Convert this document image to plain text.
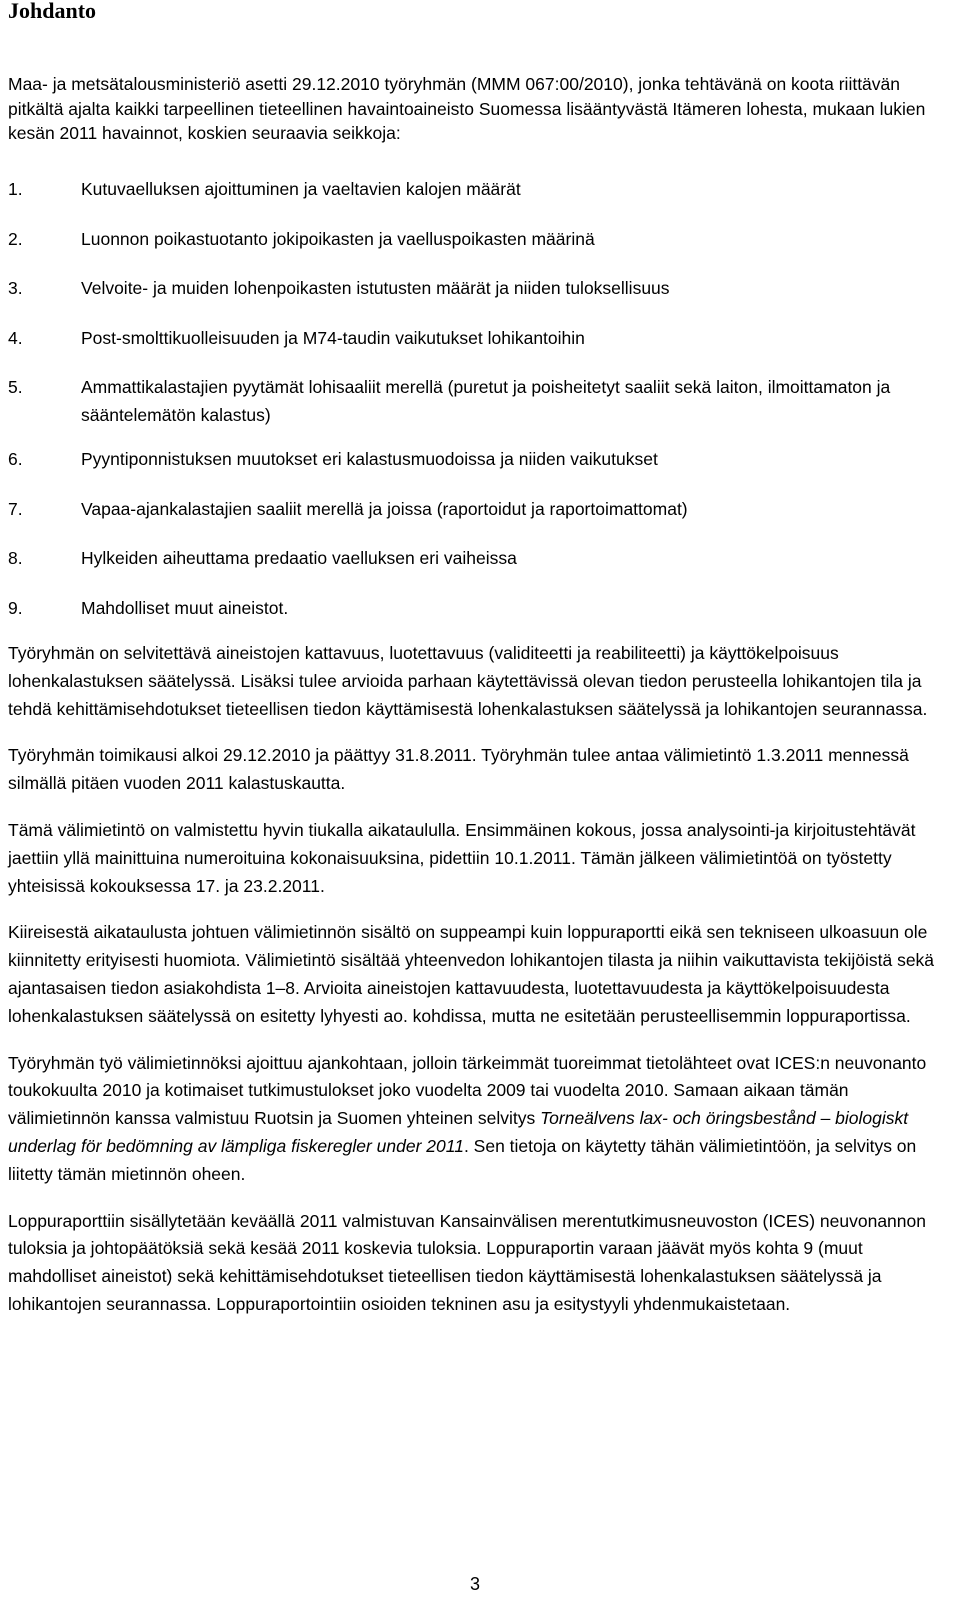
Johdanto

Maa- ja metsätalousministeriö asetti 29.12.2010 työryhmän (MMM 067:00/2010), jonka tehtävänä on koota riittävän pitkältä ajalta kaikki tarpeellinen tieteellinen havaintoaineisto Suomessa lisääntyvästä Itämeren lohesta, mukaan lukien kesän 2011 havainnot, koskien seuraavia seikkoja:

1.	Kutuvaelluksen ajoittuminen ja vaeltavien kalojen määrät
2.	Luonnon poikastuotanto jokipoikasten ja vaelluspoikasten määrinä
3.	Velvoite- ja muiden lohenpoikasten istutusten määrät ja niiden tuloksellisuus
4.	Post-smolttikuolleisuuden ja M74-taudin vaikutukset lohikantoihin
5.	Ammattikalastajien pyytämät lohisaaliit merellä (puretut ja poisheitetyt saaliit sekä laiton, ilmoittamaton ja sääntelemätön kalastus)
6.	Pyyntiponnistuksen muutokset eri kalastusmuodoissa ja niiden vaikutukset
7.	Vapaa-ajankalastajien saaliit merellä ja joissa (raportoidut ja raportoimattomat)
8.	Hylkeiden aiheuttama predaatio vaelluksen eri vaiheissa
9.	Mahdolliset muut aineistot.

Työryhmän on selvitettävä aineistojen kattavuus, luotettavuus (validiteetti ja reabiliteetti) ja käyttökelpoisuus lohenkalastuksen säätelyssä. Lisäksi tulee arvioida parhaan käytettävissä olevan tiedon perusteella lohikantojen tila ja tehdä kehittämisehdotukset tieteellisen tiedon käyttämisestä lohenkalastuksen säätelyssä ja lohikantojen seurannassa.

Työryhmän toimikausi alkoi 29.12.2010 ja päättyy 31.8.2011. Työryhmän tulee antaa välimietintö 1.3.2011 mennessä silmällä pitäen vuoden 2011 kalastuskautta.

Tämä välimietintö on valmistettu hyvin tiukalla aikataululla. Ensimmäinen kokous, jossa analysointi-ja kirjoitustehtävät jaettiin yllä mainittuina numeroituina kokonaisuuksina, pidettiin 10.1.2011. Tämän jälkeen välimietintöä on työstetty yhteisissä kokouksessa 17. ja 23.2.2011.

Kiireisestä aikataulusta johtuen välimietinnön sisältö on suppeampi kuin loppuraportti eikä sen tekniseen ulkoasuun ole kiinnitetty erityisesti huomiota. Välimietintö sisältää yhteenvedon lohikantojen tilasta ja niihin vaikuttavista tekijöistä sekä ajantasaisen tiedon asiakohdista 1–8. Arvioita aineistojen kattavuudesta, luotettavuudesta ja käyttökelpoisuudesta lohenkalastuksen säätelyssä on esitetty lyhyesti ao. kohdissa, mutta ne esitetään perusteellisemmin loppuraportissa.

Työryhmän työ välimietinnöksi ajoittuu ajankohtaan, jolloin tärkeimmät tuoreimmat tietolähteet ovat ICES:n neuvonanto toukokuulta 2010 ja kotimaiset tutkimustulokset joko vuodelta 2009 tai vuodelta 2010. Samaan aikaan tämän välimietinnön kanssa valmistuu Ruotsin ja Suomen yhteinen selvitys Torneälvens lax- och öringsbestånd – biologiskt underlag för bedömning av lämpliga fiskeregler under 2011. Sen tietoja on käytetty tähän välimietintöön, ja selvitys on liitetty tämän mietinnön oheen.

Loppuraporttiin sisällytetään keväällä 2011 valmistuvan Kansainvälisen merentutkimusneuvoston (ICES) neuvonannon tuloksia ja johtopäätöksiä sekä kesää 2011 koskevia tuloksia. Loppuraportin varaan jäävät myös kohta 9 (muut mahdolliset aineistot) sekä kehittämisehdotukset tieteellisen tiedon käyttämisestä lohenkalastuksen säätelyssä ja lohikantojen seurannassa. Loppuraportointiin osioiden tekninen asu ja esitystyyli yhdenmukaistetaan.

3
